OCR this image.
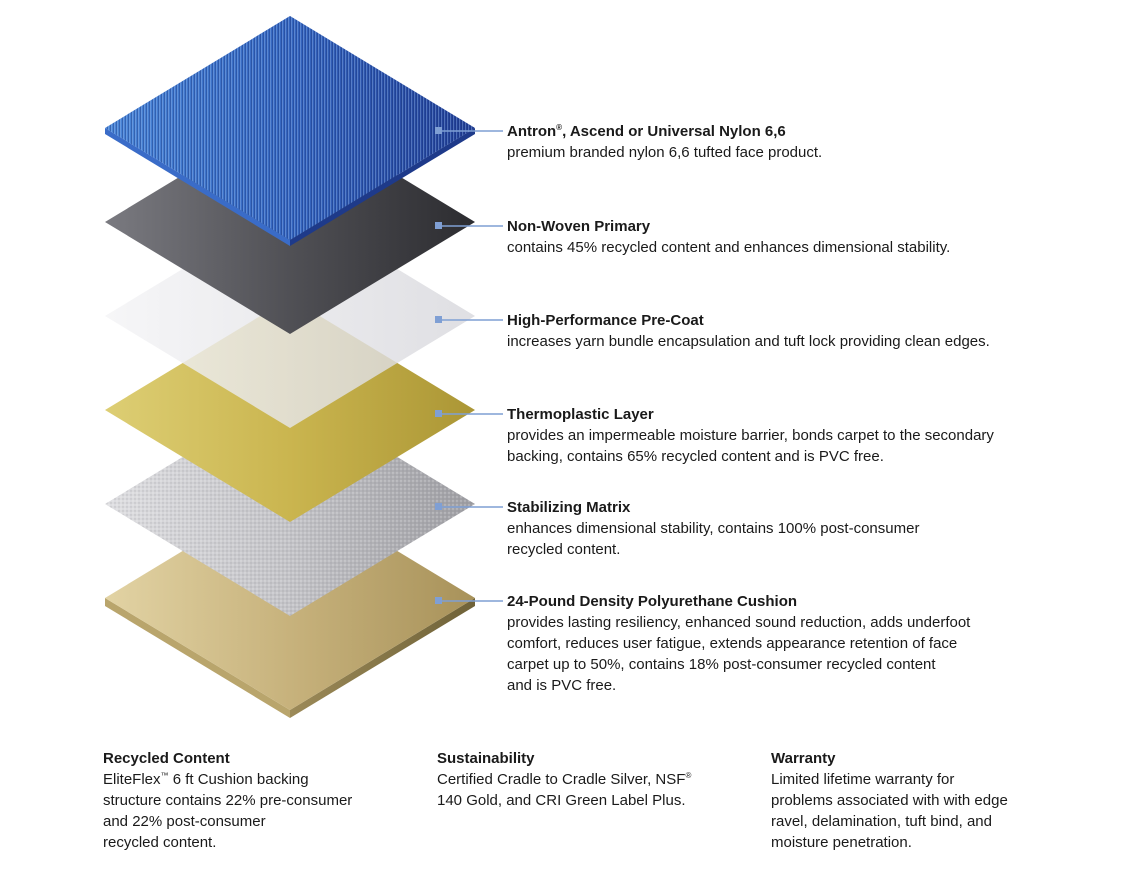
Antron®, Ascend or Universal Nylon 6,6
premium branded nylon 6,6 tufted face product.
Non-Woven Primary
contains 45% recycled content and enhances dimensional stability.
High-Performance Pre-Coat
increases yarn bundle encapsulation and tuft lock providing clean edges.
Thermoplastic Layer
provides an impermeable moisture barrier, bonds carpet to the secondary
backing, contains 65% recycled content and is PVC free.
Stabilizing Matrix
enhances dimensional stability, contains 100% post-consumer
recycled content.
24-Pound Density Polyurethane Cushion
provides lasting resiliency, enhanced sound reduction, adds underfoot
comfort, reduces user fatigue, extends appearance retention of face
carpet up to 50%, contains 18% post-consumer recycled content
and is PVC free.
Recycled Content
EliteFlex™ 6 ft Cushion backing
structure contains 22% pre-consumer
and 22% post-consumer
recycled content.
Sustainability
Certified Cradle to Cradle Silver, NSF®
140 Gold, and CRI Green Label Plus.
Warranty
Limited lifetime warranty for
problems associated with with edge
ravel, delamination, tuft bind, and
moisture penetration.
